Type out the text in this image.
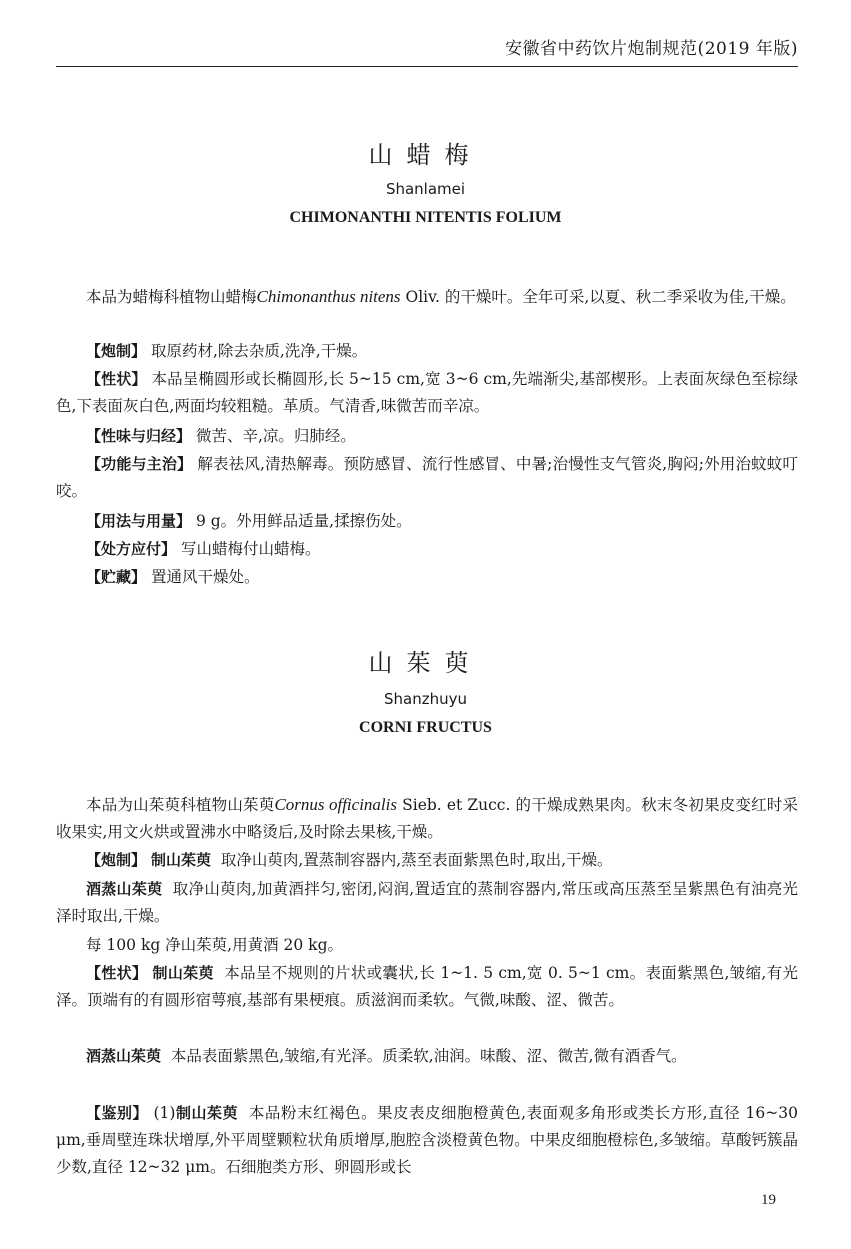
安徽省中药饮片炮制规范(2019 年版)
山蜡梅
Shanlamei
CHIMONANTHI NITENTIS FOLIUM
本品为蜡梅科植物山蜡梅Chimonanthus nitens Oliv. 的干燥叶。全年可采,以夏、秋二季采收为佳,干燥。
【炮制】 取原药材,除去杂质,洗净,干燥。
【性状】 本品呈椭圆形或长椭圆形,长 5~15 cm,宽 3~6 cm,先端渐尖,基部楔形。上表面灰绿色至棕绿色,下表面灰白色,两面均较粗糙。革质。气清香,味微苦而辛凉。
【性味与归经】 微苦、辛,凉。归肺经。
【功能与主治】 解表祛风,清热解毒。预防感冒、流行性感冒、中暑;治慢性支气管炎,胸闷;外用治蚊蚊叮咬。
【用法与用量】 9 g。外用鲜品适量,揉擦伤处。
【处方应付】 写山蜡梅付山蜡梅。
【贮藏】 置通风干燥处。
山茱萸
Shanzhuyu
CORNI FRUCTUS
本品为山茱萸科植物山茱萸Cornus officinalis Sieb. et Zucc. 的干燥成熟果肉。秋末冬初果皮变红时采收果实,用文火烘或置沸水中略烫后,及时除去果核,干燥。
【炮制】 制山茱萸 取净山萸肉,置蒸制容器内,蒸至表面紫黑色时,取出,干燥。
酒蒸山茱萸 取净山萸肉,加黄酒拌匀,密闭,闷润,置适宜的蒸制容器内,常压或高压蒸至呈紫黑色有油亮光泽时取出,干燥。
每 100 kg 净山茱萸,用黄酒 20 kg。
【性状】 制山茱萸 本品呈不规则的片状或囊状,长 1~1. 5 cm,宽 0. 5~1 cm。表面紫黑色,皱缩,有光泽。顶端有的有圆形宿萼痕,基部有果梗痕。质滋润而柔软。气微,味酸、涩、微苦。
酒蒸山茱萸 本品表面紫黑色,皱缩,有光泽。质柔软,油润。味酸、涩、微苦,微有酒香气。
【鉴别】 (1)制山茱萸 本品粉末红褐色。果皮表皮细胞橙黄色,表面观多角形或类长方形,直径 16~30 μm,垂周壁连珠状增厚,外平周壁颗粒状角质增厚,胞腔含淡橙黄色物。中果皮细胞橙棕色,多皱缩。草酸钙簇晶少数,直径 12~32 μm。石细胞类方形、卵圆形或长
19
